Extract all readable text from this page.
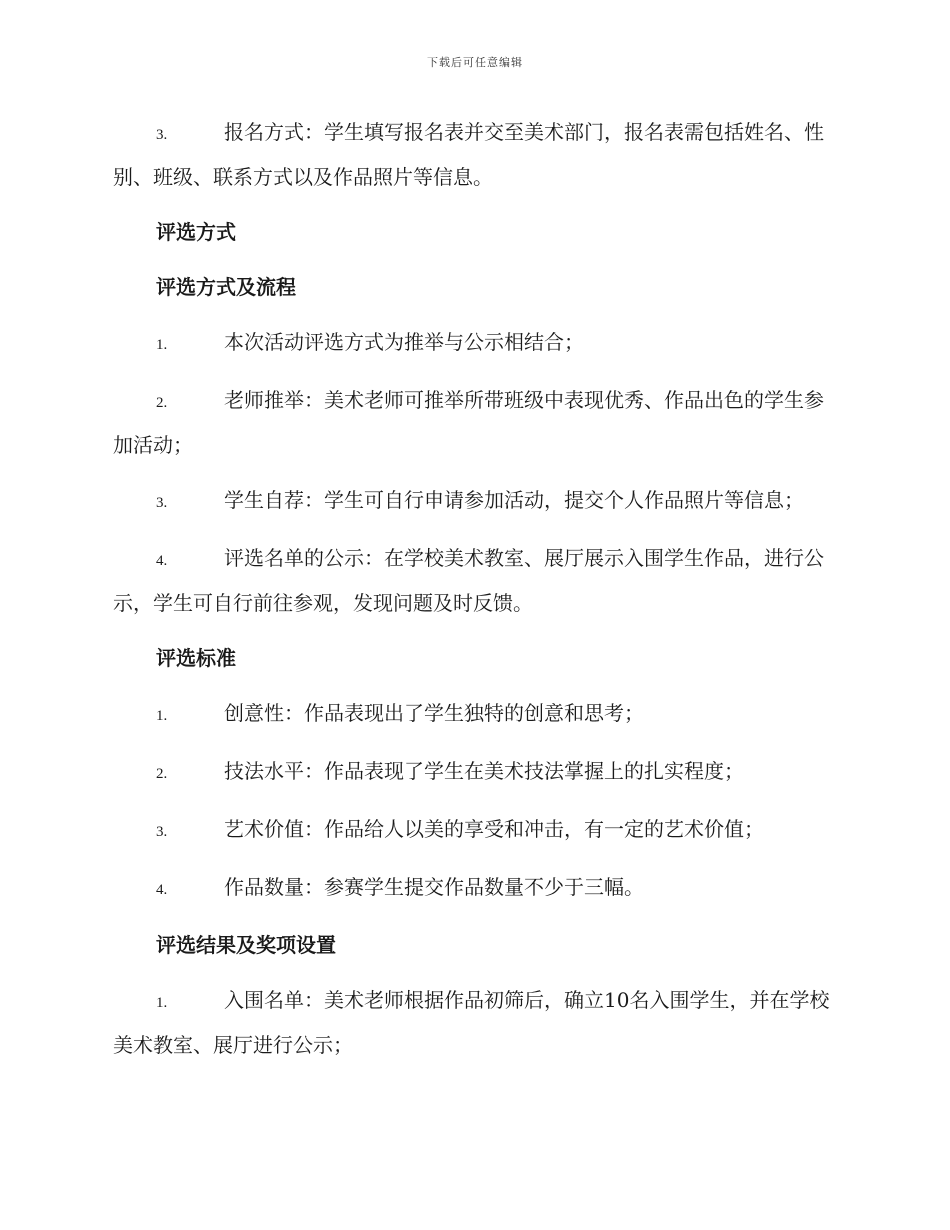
下载后可任意编辑

3.	报名方式：学生填写报名表并交至美术部门，报名表需包括姓名、性别、班级、联系方式以及作品照片等信息。

评选方式
评选方式及流程

1.	本次活动评选方式为推举与公示相结合；

2.	老师推举：美术老师可推举所带班级中表现优秀、作品出色的学生参加活动；

3.	学生自荐：学生可自行申请参加活动，提交个人作品照片等信息；

4.	评选名单的公示：在学校美术教室、展厅展示入围学生作品，进行公示，学生可自行前往参观，发现问题及时反馈。

评选标准

1.	创意性：作品表现出了学生独特的创意和思考；

2.	技法水平：作品表现了学生在美术技法掌握上的扎实程度；

3.	艺术价值：作品给人以美的享受和冲击，有一定的艺术价值；

4.	作品数量：参赛学生提交作品数量不少于三幅。

评选结果及奖项设置

1.	入围名单：美术老师根据作品初筛后，确立10名入围学生，并在学校美术教室、展厅进行公示；
